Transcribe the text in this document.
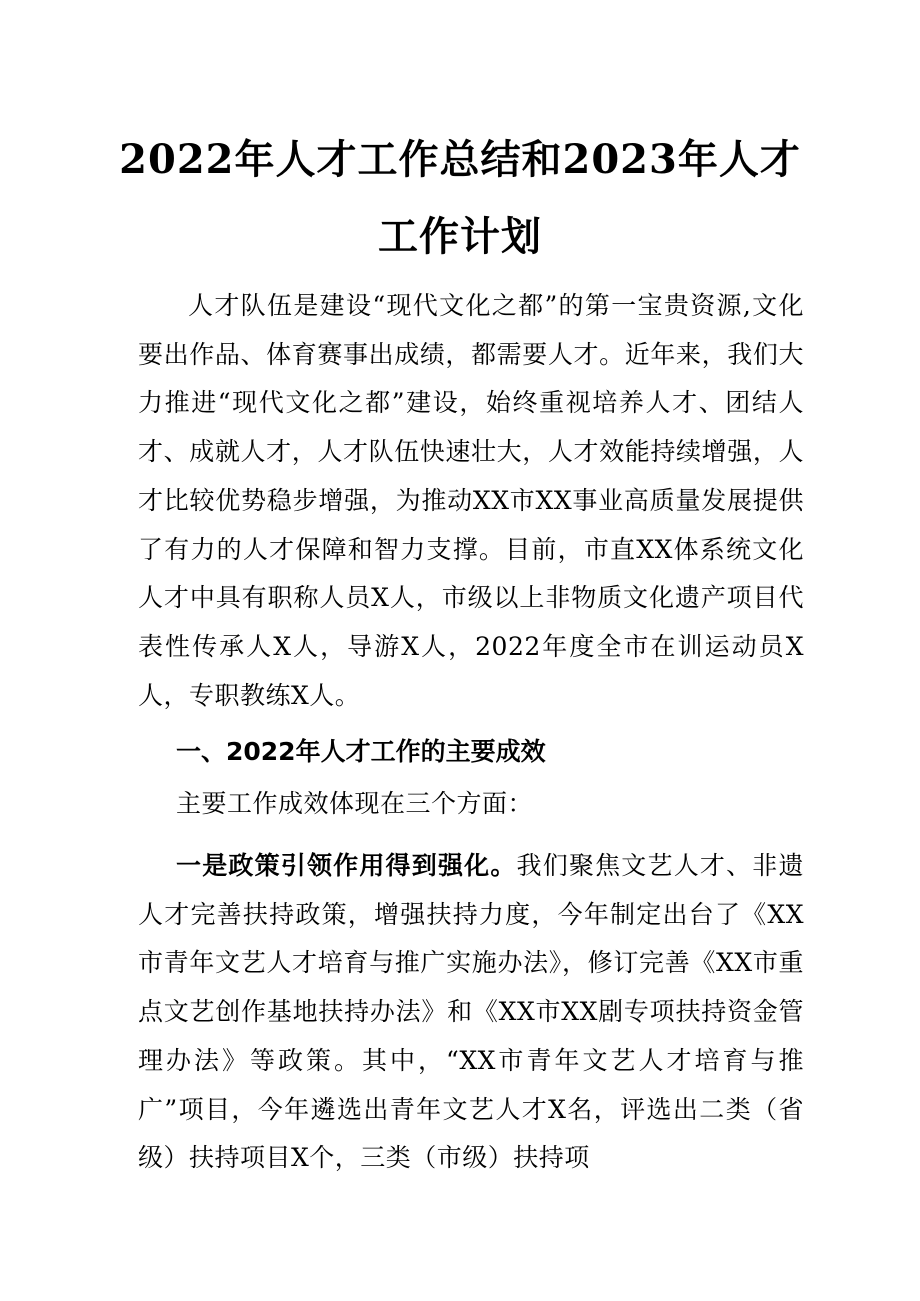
2022年人才工作总结和2023年人才
工作计划

人才队伍是建设“现代文化之都”的第一宝贵资源,文化要出作品、体育赛事出成绩，都需要人才。近年来，我们大力推进“现代文化之都”建设，始终重视培养人才、团结人才、成就人才，人才队伍快速壮大，人才效能持续增强，人才比较优势稳步增强，为推动XX市XX事业高质量发展提供了有力的人才保障和智力支撑。目前，市直XX体系统文化人才中具有职称人员X人，市级以上非物质文化遗产项目代表性传承人X人，导游X人，2022年度全市在训运动员X人，专职教练X人。

一、2022年人才工作的主要成效

主要工作成效体现在三个方面：

一是政策引领作用得到强化。我们聚焦文艺人才、非遗人才完善扶持政策，增强扶持力度，今年制定出台了《XX市青年文艺人才培育与推广实施办法》，修订完善《XX市重点文艺创作基地扶持办法》和《XX市XX剧专项扶持资金管理办法》等政策。其中，“XX市青年文艺人才培育与推广”项目，今年遴选出青年文艺人才X名，评选出二类（省级）扶持项目X个，三类（市级）扶持项
